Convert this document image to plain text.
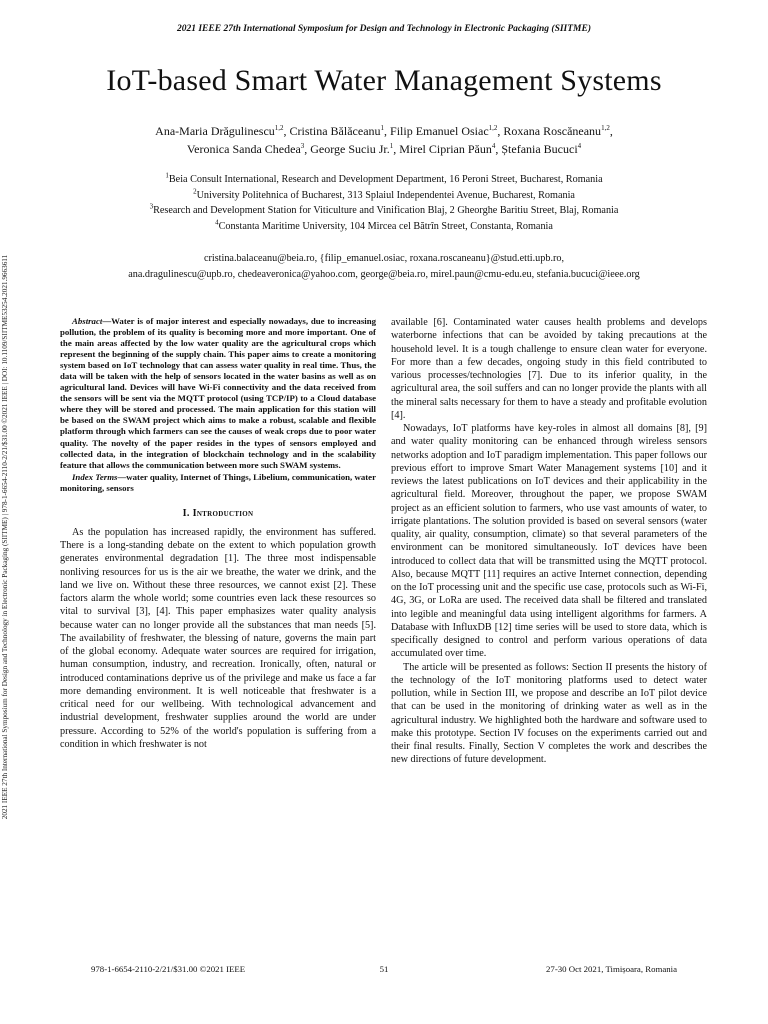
2021 IEEE 27th International Symposium for Design and Technology in Electronic Packaging (SIITME)
2021 IEEE 27th International Symposium for Design and Technology in Electronic Packaging (SIITME) | 978-1-6654-2110-2/21/$31.00 ©2021 IEEE | DOI: 10.1109/SIITME53254.2021.9663611
IoT-based Smart Water Management Systems
Ana-Maria Drăgulinescu$^{1,2}$, Cristina Bălăceanu$^1$, Filip Emanuel Osiac$^{1,2}$, Roxana Roscăneanu$^{1,2}$,
Veronica Sanda Chedea$^3$, George Suciu Jr.$^1$, Mirel Ciprian Păun$^4$, Ștefania Bucuci$^4$
$^1$Beia Consult International, Research and Development Department, 16 Peroni Street, Bucharest, Romania
$^2$University Politehnica of Bucharest, 313 Splaiul Independentei Avenue, Bucharest, Romania
$^3$Research and Development Station for Viticulture and Vinification Blaj, 2 Gheorghe Baritiu Street, Blaj, Romania
$^4$Constanta Maritime University, 104 Mircea cel Bătrîn Street, Constanta, Romania
cristina.balaceanu@beia.ro, {filip_emanuel.osiac, roxana.roscaneanu}@stud.etti.upb.ro,
ana.dragulinescu@upb.ro, chedeaveronica@yahoo.com, george@beia.ro, mirel.paun@cmu-edu.eu, stefania.bucuci@ieee.org

Abstract—Water is of major interest and especially nowadays, due to increasing pollution, the problem of its quality is becoming more and more important. One of the main areas affected by the low water quality are the agricultural crops which represent the beginning of the supply chain. This paper aims to create a monitoring system based on IoT technology that can assess water quality in real time. Thus, the data will be taken with the help of sensors located in the water basins as well as on agricultural land. Devices will have Wi-Fi connectivity and the data received from the sensors will be sent via the MQTT protocol (using TCP/IP) to a Cloud database where they will be stored and processed. The main application for this station will be based on the SWAM project which aims to make a robust, scalable and flexible platform through which farmers can see the causes of weak crops due to poor water quality. The novelty of the paper resides in the types of sensors employed and collected data, in the integration of blockchain technology and in the scalability feature that allows the communication between more such SWAM systems.

Index Terms—water quality, Internet of Things, Libelium, communication, water monitoring, sensors

I. Introduction

As the population has increased rapidly, the environment has suffered. There is a long-standing debate on the extent to which population growth generates environmental degradation [1]. The three most indispensable nonliving resources for us is the air we breathe, the water we drink, and the land we live on. Without these three resources, we cannot exist [2]. These factors alarm the whole world; some countries even lack these resources so vital to survival [3], [4]. This paper emphasizes water quality analysis because water can no longer provide all the substances that man needs [5]. The availability of freshwater, the blessing of nature, governs the main part of the global economy. Adequate water sources are required for irrigation, human consumption, industry, and recreation. Ironically, often, natural or introduced contaminations deprive us of the privilege and make us face a far more demanding environment. It is well noticeable that freshwater is a critical need for our wellbeing. With technological advancement and industrial development, freshwater supplies around the world are under pressure. According to 52% of the world's population is suffering from a condition in which freshwater is not

available [6]. Contaminated water causes health problems and develops waterborne infections that can be avoided by taking precautions at the household level. It is a tough challenge to ensure clean water for everyone. For more than a few decades, ongoing study in this field contributed to various processes/technologies [7]. Due to its inferior quality, in the agricultural area, the soil suffers and can no longer provide the plants with all the mineral salts necessary for them to have a steady and profitable evolution [4].

Nowadays, IoT platforms have key-roles in almost all domains [8], [9] and water quality monitoring can be enhanced through wireless sensors networks adoption and IoT paradigm implementation. This paper follows our previous effort to improve Smart Water Management systems [10] and it reviews the latest publications on IoT devices and their applicability in the agricultural field. Moreover, throughout the paper, we propose SWAM project as an efficient solution to farmers, who use vast amounts of water, to irrigate plantations. The solution provided is based on several sensors (water quality, air quality, consumption, climate) so that several parameters of the environment can be monitored simultaneously. IoT devices have been introduced to collect data that will be transmitted using the MQTT protocol. Also, because MQTT [11] requires an active Internet connection, depending on the IoT processing unit and the specific use case, protocols such as Wi-Fi, 4G, 3G, or LoRa are used. The received data shall be filtered and translated into legible and meaningful data using intelligent algorithms for farmers. A Database with InfluxDB [12] time series will be used to store data, which is specifically designed to control and perform various operations of data accumulated over time.

The article will be presented as follows: Section II presents the history of the technology of the IoT monitoring platforms used to detect water pollution, while in Section III, we propose and describe an IoT pilot device that can be used in the monitoring of drinking water as well as in the agricultural industry. We highlighted both the hardware and software used to make this prototype. Section IV focuses on the experiments carried out and their final results. Finally, Section V completes the work and describes the new directions of future development.

978-1-6654-2110-2/21/$31.00 ©2021 IEEE	51	27-30 Oct 2021, Timișoara, Romania
